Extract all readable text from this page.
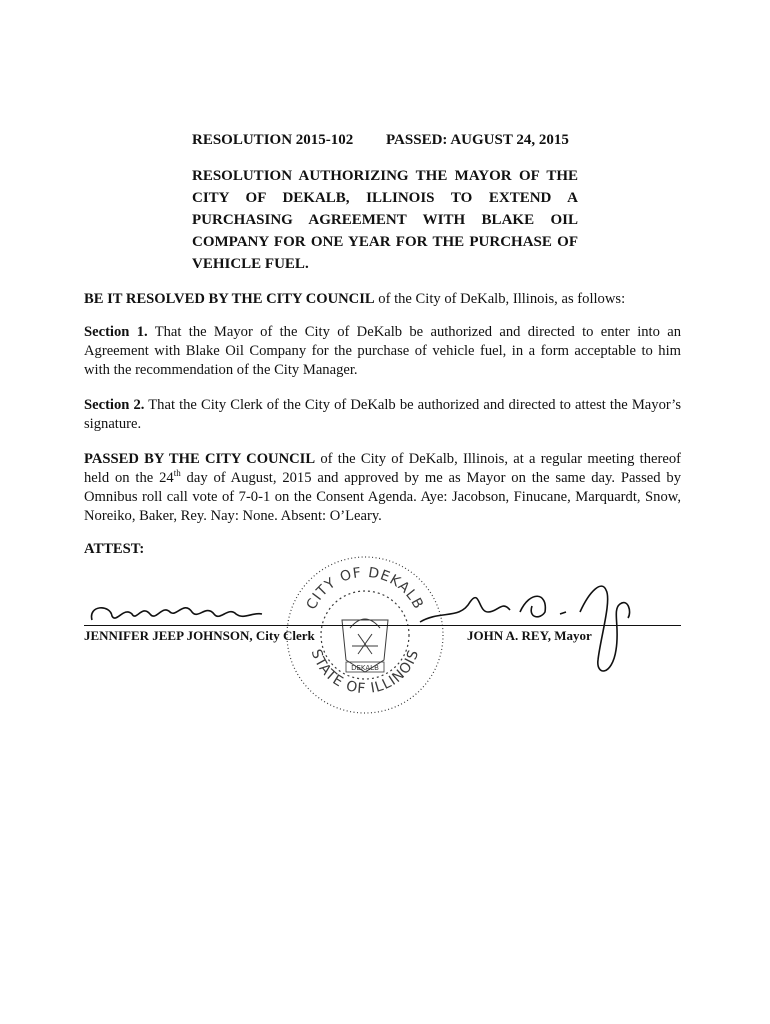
RESOLUTION 2015-102 PASSED: AUGUST 24, 2015
RESOLUTION AUTHORIZING THE MAYOR OF THE CITY OF DEKALB, ILLINOIS TO EXTEND A PURCHASING AGREEMENT WITH BLAKE OIL COMPANY FOR ONE YEAR FOR THE PURCHASE OF VEHICLE FUEL.
BE IT RESOLVED BY THE CITY COUNCIL of the City of DeKalb, Illinois, as follows:
Section 1. That the Mayor of the City of DeKalb be authorized and directed to enter into an Agreement with Blake Oil Company for the purchase of vehicle fuel, in a form acceptable to him with the recommendation of the City Manager.
Section 2. That the City Clerk of the City of DeKalb be authorized and directed to attest the Mayor’s signature.
PASSED BY THE CITY COUNCIL of the City of DeKalb, Illinois, at a regular meeting thereof held on the 24th day of August, 2015 and approved by me as Mayor on the same day. Passed by Omnibus roll call vote of 7-0-1 on the Consent Agenda. Aye: Jacobson, Finucane, Marquardt, Snow, Noreiko, Baker, Rey. Nay: None. Absent: O’Leary.
ATTEST:
CITY OF DEKALB
STATE OF ILLINOIS
DEKALB
JENNIFER JEEP JOHNSON, City Clerk	JOHN A. REY, Mayor
